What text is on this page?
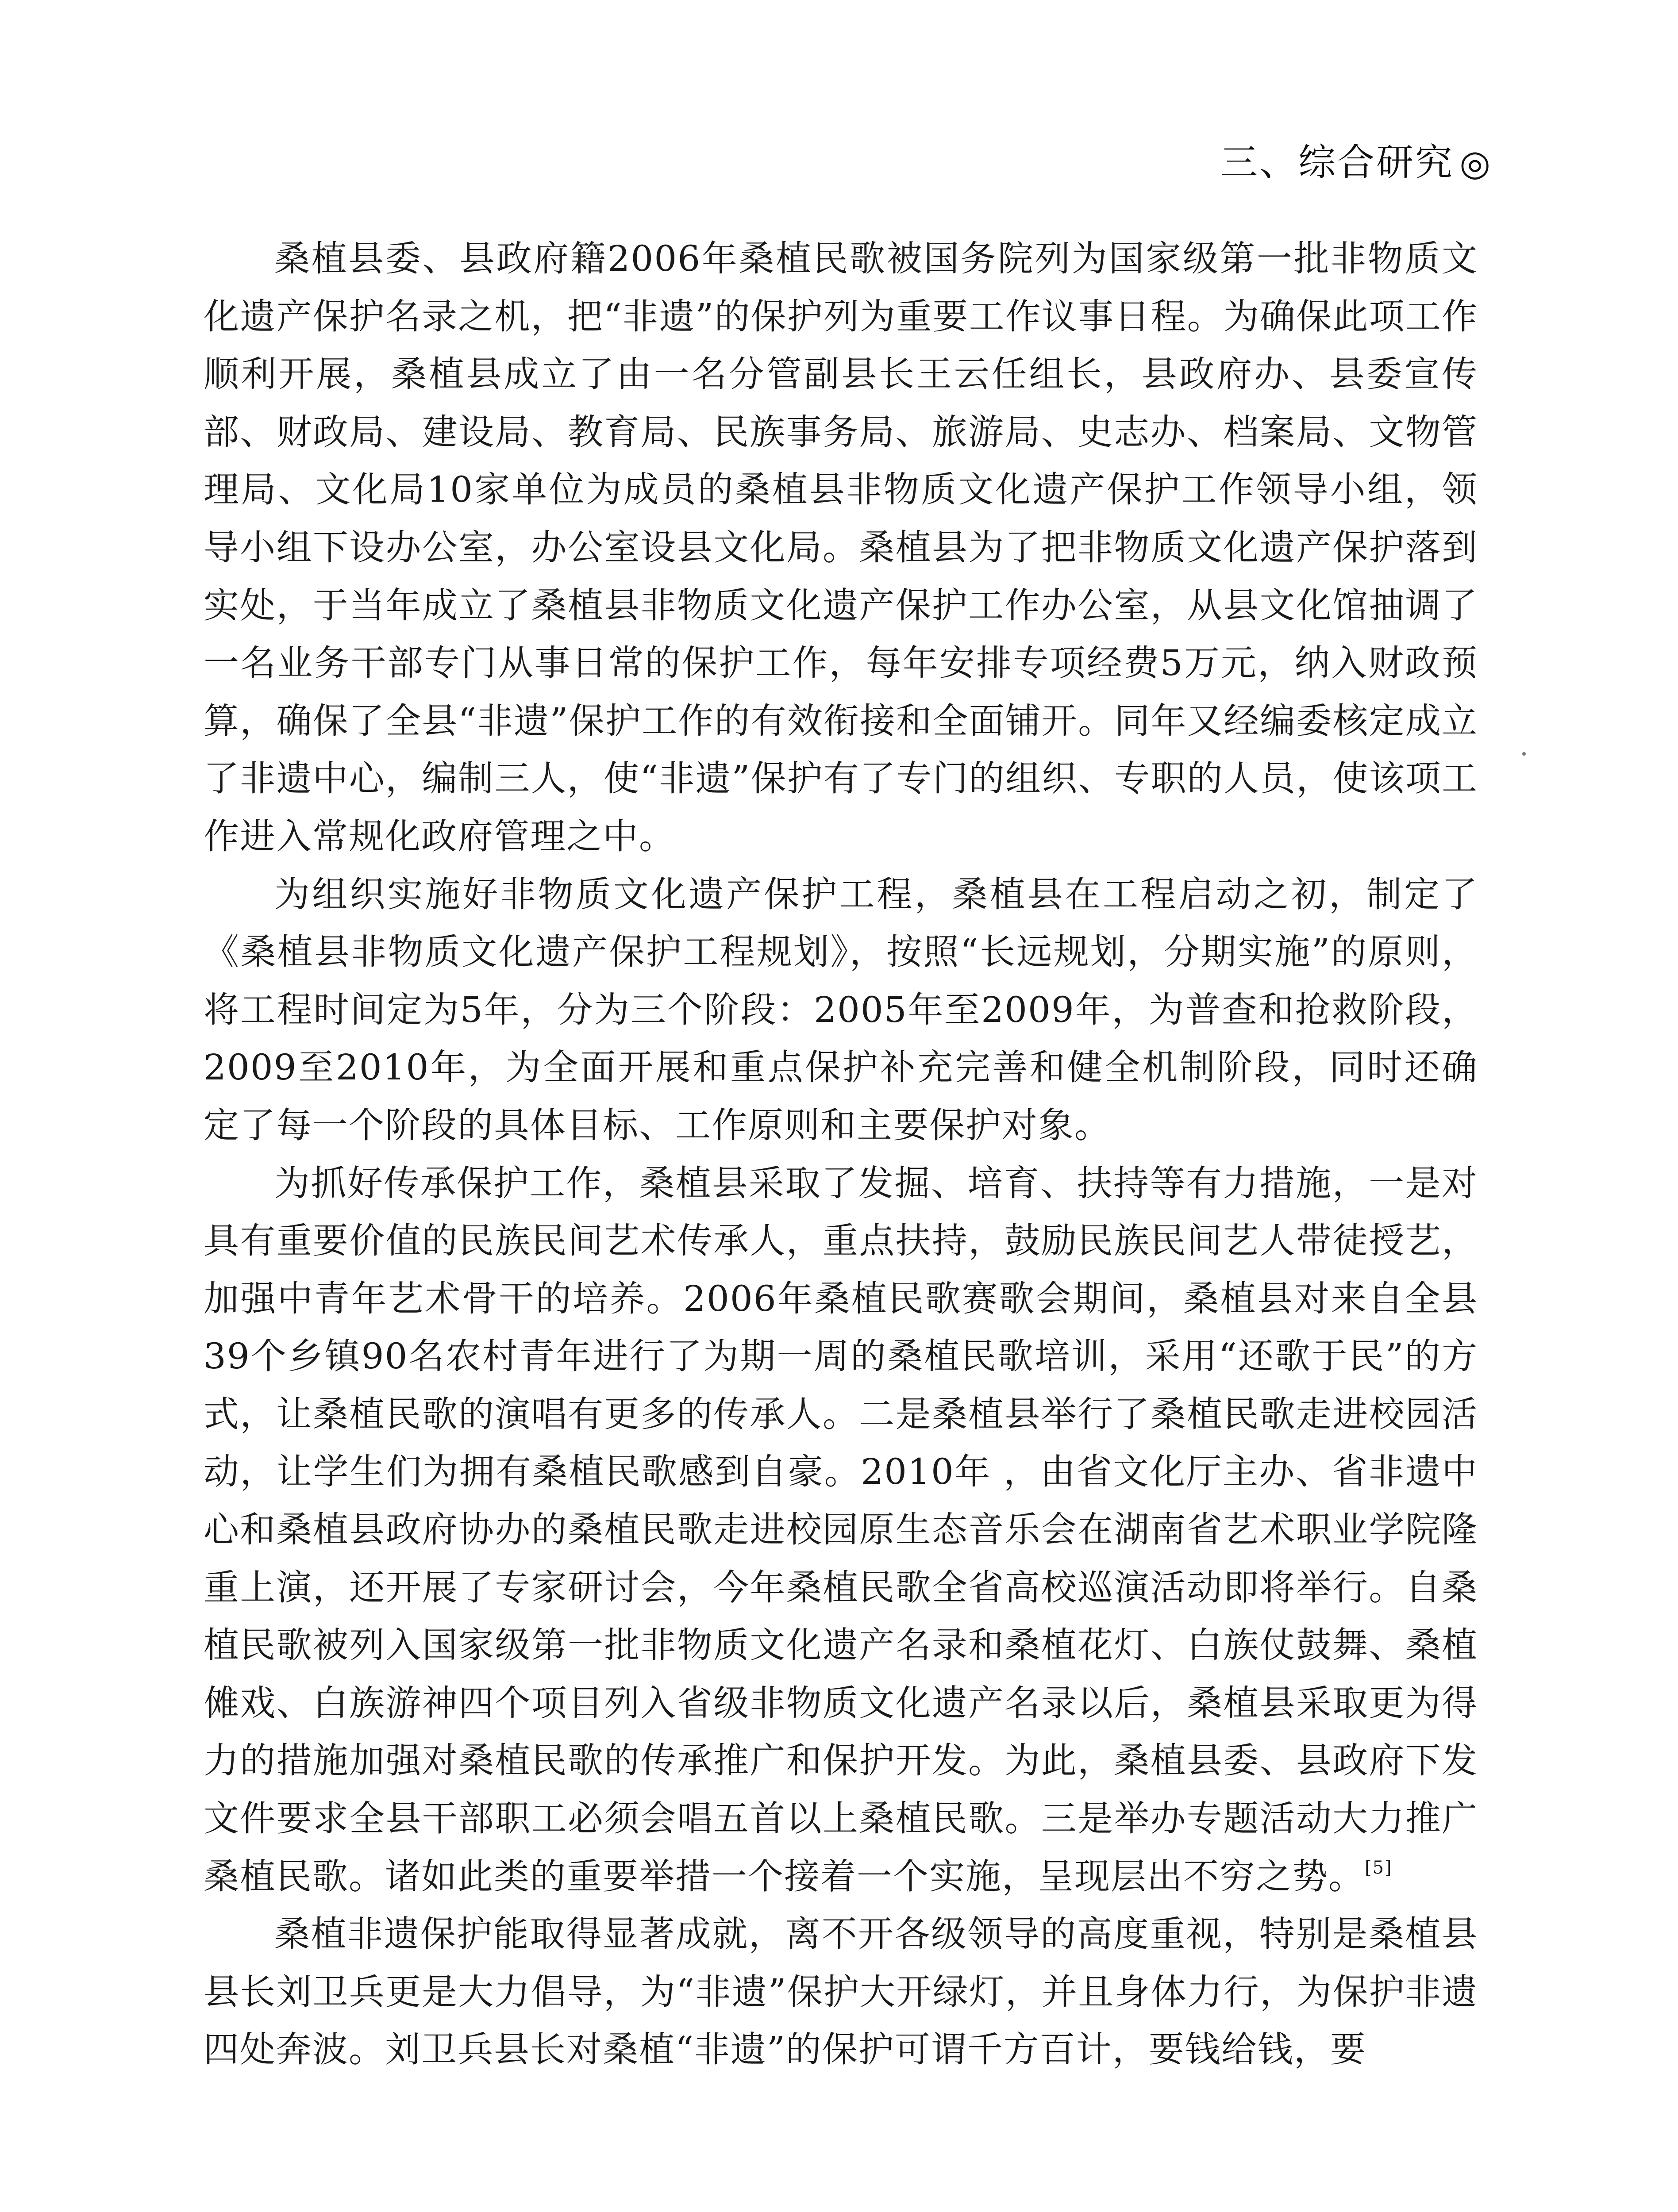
三、综合研究 ◎

桑植县委、县政府籍2006年桑植民歌被国务院列为国家级第一批非物质文化遗产保护名录之机，把“非遗”的保护列为重要工作议事日程。为确保此项工作顺利开展，桑植县成立了由一名分管副县长王云任组长，县政府办、县委宣传部、财政局、建设局、教育局、民族事务局、旅游局、史志办、档案局、文物管理局、文化局10家单位为成员的桑植县非物质文化遗产保护工作领导小组，领导小组下设办公室，办公室设县文化局。桑植县为了把非物质文化遗产保护落到实处，于当年成立了桑植县非物质文化遗产保护工作办公室，从县文化馆抽调了一名业务干部专门从事日常的保护工作，每年安排专项经费5万元，纳入财政预算，确保了全县“非遗”保护工作的有效衔接和全面铺开。同年又经编委核定成立了非遗中心，编制三人，使“非遗”保护有了专门的组织、专职的人员，使该项工作进入常规化政府管理之中。

为组织实施好非物质文化遗产保护工程，桑植县在工程启动之初，制定了《桑植县非物质文化遗产保护工程规划》，按照“长远规划，分期实施”的原则，将工程时间定为5年，分为三个阶段：2005年至2009年，为普查和抢救阶段，2009至2010年，为全面开展和重点保护补充完善和健全机制阶段，同时还确定了每一个阶段的具体目标、工作原则和主要保护对象。

为抓好传承保护工作，桑植县采取了发掘、培育、扶持等有力措施，一是对具有重要价值的民族民间艺术传承人，重点扶持，鼓励民族民间艺人带徒授艺，加强中青年艺术骨干的培养。2006年桑植民歌赛歌会期间，桑植县对来自全县39个乡镇90名农村青年进行了为期一周的桑植民歌培训，采用“还歌于民”的方式，让桑植民歌的演唱有更多的传承人。二是桑植县举行了桑植民歌走进校园活动，让学生们为拥有桑植民歌感到自豪。2010年 ，由省文化厅主办、省非遗中心和桑植县政府协办的桑植民歌走进校园原生态音乐会在湖南省艺术职业学院隆重上演，还开展了专家研讨会，今年桑植民歌全省高校巡演活动即将举行。自桑植民歌被列入国家级第一批非物质文化遗产名录和桑植花灯、白族仗鼓舞、桑植傩戏、白族游神四个项目列入省级非物质文化遗产名录以后，桑植县采取更为得力的措施加强对桑植民歌的传承推广和保护开发。为此，桑植县委、县政府下发文件要求全县干部职工必须会唱五首以上桑植民歌。三是举办专题活动大力推广桑植民歌。诸如此类的重要举措一个接着一个实施，呈现层出不穷之势。[5]

桑植非遗保护能取得显著成就，离不开各级领导的高度重视，特别是桑植县县长刘卫兵更是大力倡导，为“非遗”保护大开绿灯，并且身体力行，为保护非遗四处奔波。刘卫兵县长对桑植“非遗”的保护可谓千方百计，要钱给钱，要
